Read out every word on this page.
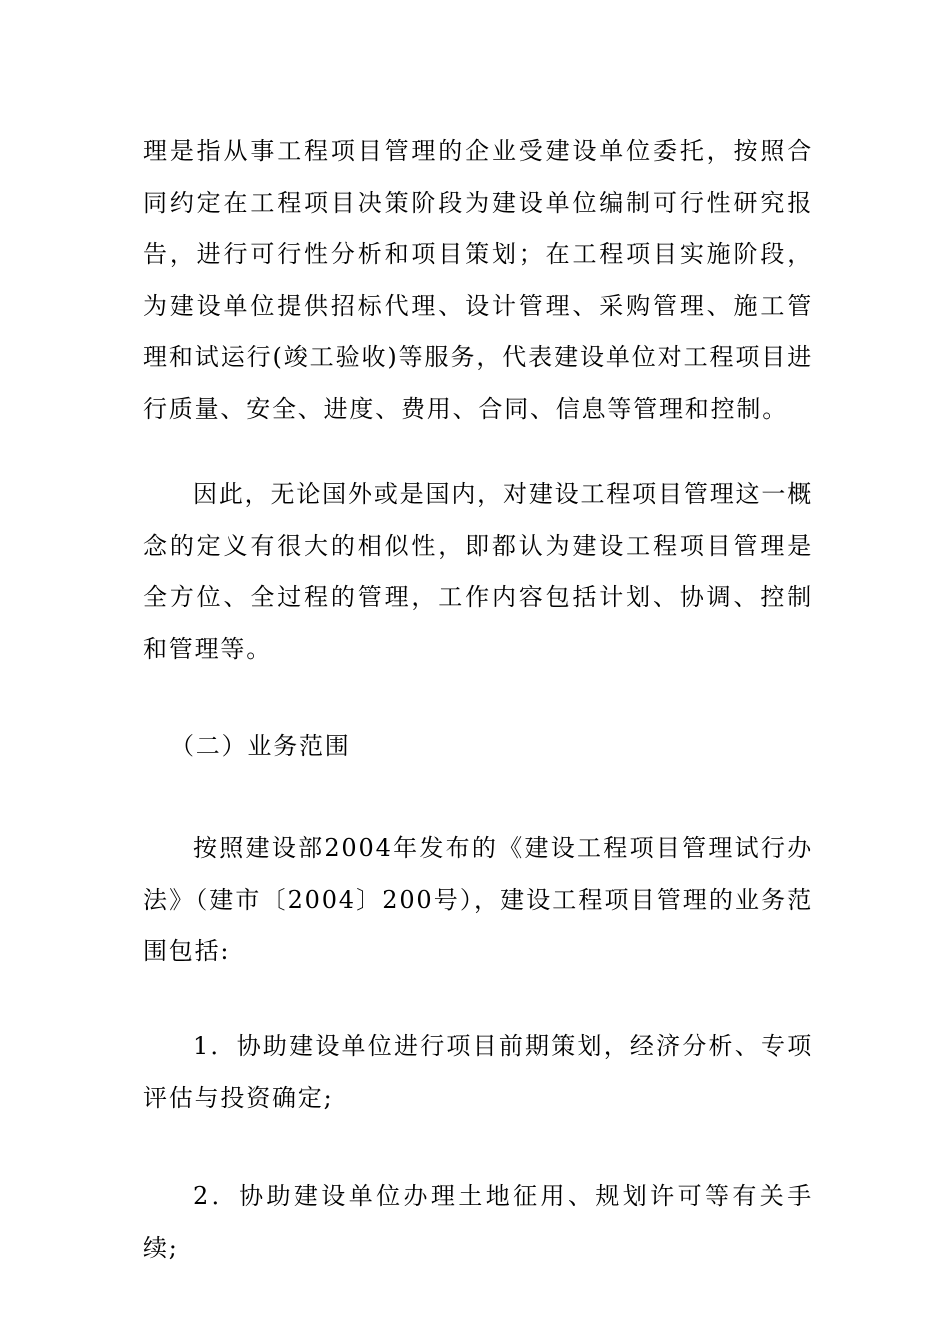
理是指从事工程项目管理的企业受建设单位委托，按照合同约定在工程项目决策阶段为建设单位编制可行性研究报告，进行可行性分析和项目策划；在工程项目实施阶段，为建设单位提供招标代理、设计管理、采购管理、施工管理和试运行(竣工验收)等服务，代表建设单位对工程项目进行质量、安全、进度、费用、合同、信息等管理和控制。

因此，无论国外或是国内，对建设工程项目管理这一概念的定义有很大的相似性，即都认为建设工程项目管理是全方位、全过程的管理，工作内容包括计划、协调、控制和管理等。

（二）业务范围

按照建设部2004年发布的《建设工程项目管理试行办法》（建市〔2004〕200号），建设工程项目管理的业务范围包括:

1．协助建设单位进行项目前期策划，经济分析、专项评估与投资确定;

2．协助建设单位办理土地征用、规划许可等有关手续;
